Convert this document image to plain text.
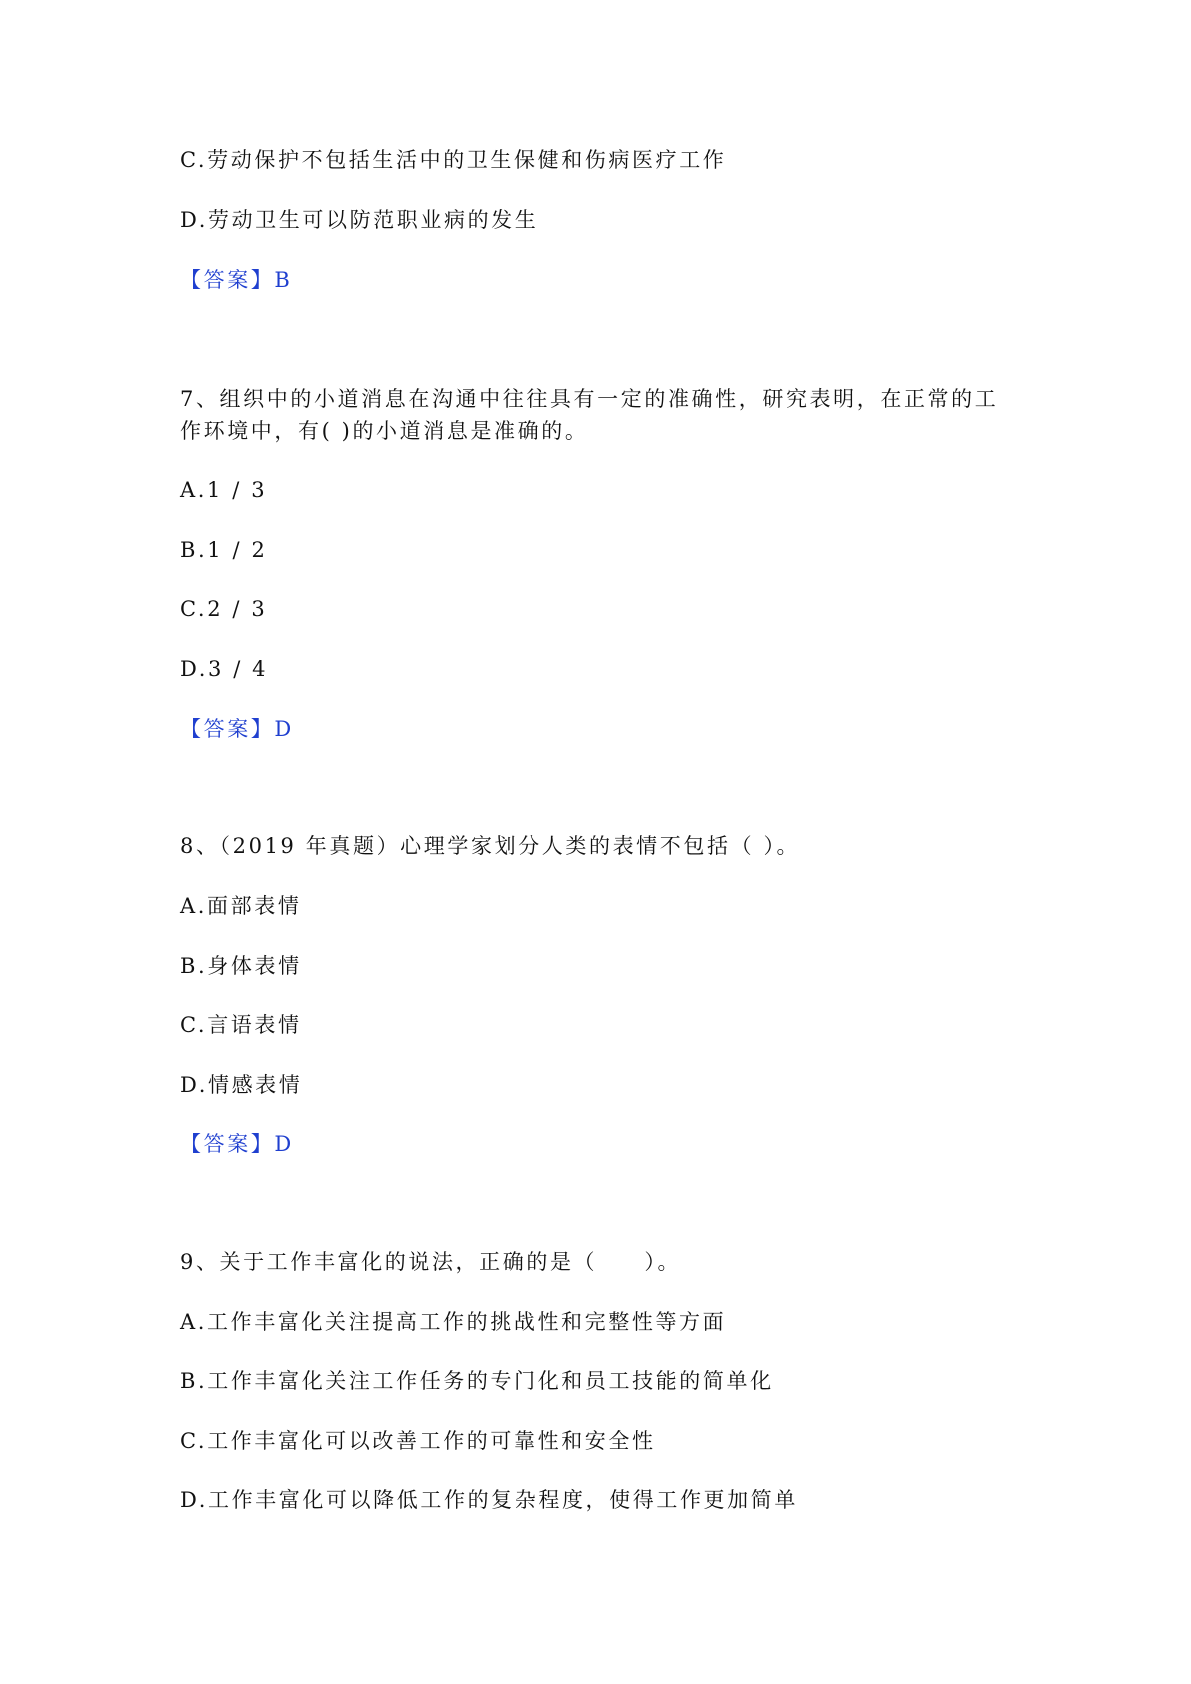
C.劳动保护不包括生活中的卫生保健和伤病医疗工作
D.劳动卫生可以防范职业病的发生
【答案】B
7、组织中的小道消息在沟通中往往具有一定的准确性，研究表明，在正常的工
作环境中，有( )的小道消息是准确的。
A.1 / 3
B.1 / 2
C.2 / 3
D.3 / 4
【答案】D
8、（2019 年真题）心理学家划分人类的表情不包括（ ）。
A.面部表情
B.身体表情
C.言语表情
D.情感表情
【答案】D
9、关于工作丰富化的说法，正确的是（　　）。
A.工作丰富化关注提高工作的挑战性和完整性等方面
B.工作丰富化关注工作任务的专门化和员工技能的简单化
C.工作丰富化可以改善工作的可靠性和安全性
D.工作丰富化可以降低工作的复杂程度，使得工作更加简单
